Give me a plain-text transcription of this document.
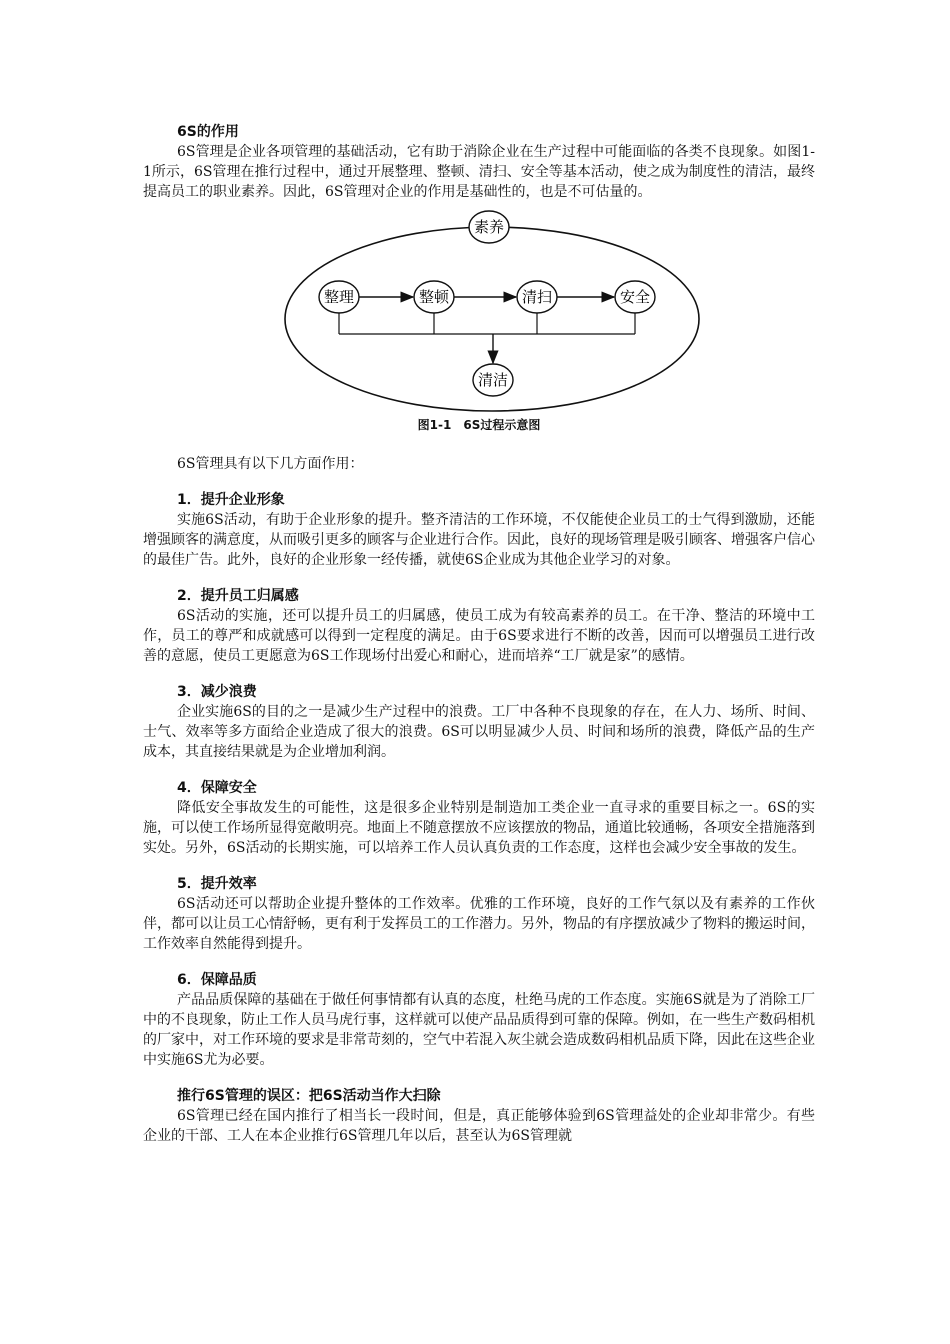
6S的作用

6S管理是企业各项管理的基础活动，它有助于消除企业在生产过程中可能面临的各类不良现象。如图1-1所示，6S管理在推行过程中，通过开展整理、整顿、清扫、安全等基本活动，使之成为制度性的清洁，最终提高员工的职业素养。因此，6S管理对企业的作用是基础性的，也是不可估量的。

素养
整理	整顿	清扫	安全
清洁
图1-1 6S过程示意图

6S管理具有以下几方面作用：

1．提升企业形象

实施6S活动，有助于企业形象的提升。整齐清洁的工作环境，不仅能使企业员工的士气得到激励，还能增强顾客的满意度，从而吸引更多的顾客与企业进行合作。因此，良好的现场管理是吸引顾客、增强客户信心的最佳广告。此外，良好的企业形象一经传播，就使6S企业成为其他企业学习的对象。

2．提升员工归属感

6S活动的实施，还可以提升员工的归属感，使员工成为有较高素养的员工。在干净、整洁的环境中工作，员工的尊严和成就感可以得到一定程度的满足。由于6S要求进行不断的改善，因而可以增强员工进行改善的意愿，使员工更愿意为6S工作现场付出爱心和耐心，进而培养“工厂就是家”的感情。

3．减少浪费

企业实施6S的目的之一是减少生产过程中的浪费。工厂中各种不良现象的存在，在人力、场所、时间、士气、效率等多方面给企业造成了很大的浪费。6S可以明显减少人员、时间和场所的浪费，降低产品的生产成本，其直接结果就是为企业增加利润。

4．保障安全

降低安全事故发生的可能性，这是很多企业特别是制造加工类企业一直寻求的重要目标之一。6S的实施，可以使工作场所显得宽敞明亮。地面上不随意摆放不应该摆放的物品，通道比较通畅，各项安全措施落到实处。另外，6S活动的长期实施，可以培养工作人员认真负责的工作态度，这样也会减少安全事故的发生。

5．提升效率

6S活动还可以帮助企业提升整体的工作效率。优雅的工作环境，良好的工作气氛以及有素养的工作伙伴，都可以让员工心情舒畅，更有利于发挥员工的工作潜力。另外，物品的有序摆放减少了物料的搬运时间，工作效率自然能得到提升。

6．保障品质

产品品质保障的基础在于做任何事情都有认真的态度，杜绝马虎的工作态度。实施6S就是为了消除工厂中的不良现象，防止工作人员马虎行事，这样就可以使产品品质得到可靠的保障。例如，在一些生产数码相机的厂家中，对工作环境的要求是非常苛刻的，空气中若混入灰尘就会造成数码相机品质下降，因此在这些企业中实施6S尤为必要。

推行6S管理的误区：把6S活动当作大扫除

6S管理已经在国内推行了相当长一段时间，但是，真正能够体验到6S管理益处的企业却非常少。有些企业的干部、工人在本企业推行6S管理几年以后，甚至认为6S管理就
